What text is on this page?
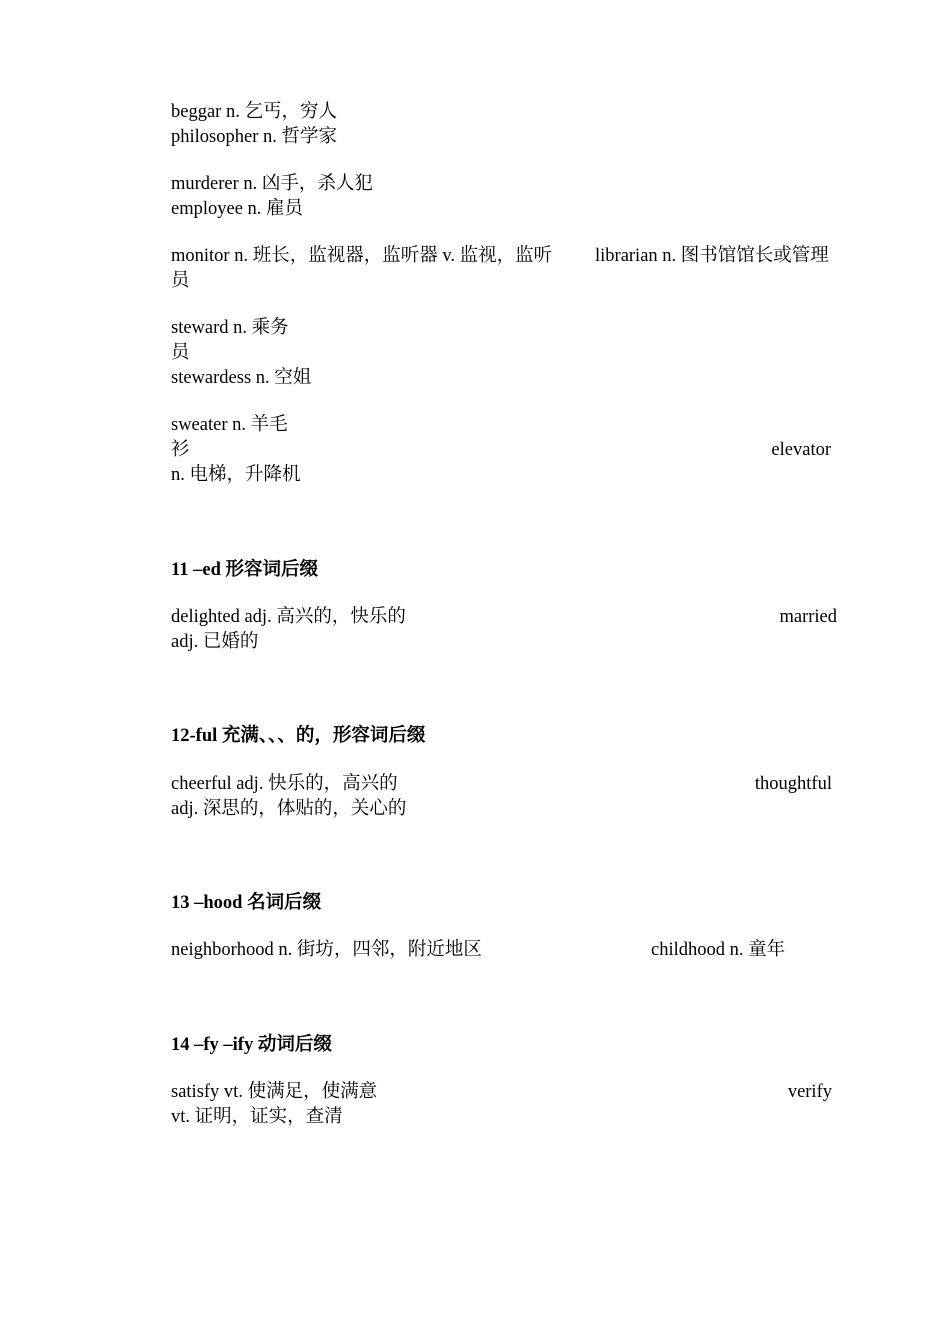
beggar n. 乞丐，穷人
philosopher n. 哲学家
murderer n. 凶手，杀人犯
employee n. 雇员
monitor n. 班长，监视器，监听器 v. 监视，监听 librarian n. 图书馆馆长或管理
员
steward n. 乘务
员
stewardess n. 空姐
sweater n. 羊毛
衫	elevator
n. 电梯，升降机
11 –ed 形容词后缀
delighted adj. 高兴的，快乐的	married
adj. 已婚的
12-ful 充满、、、的，形容词后缀
cheerful adj. 快乐的，高兴的	thoughtful
adj. 深思的，体贴的，关心的
13 –hood 名词后缀
neighborhood n. 街坊，四邻，附近地区	childhood n. 童年
14 –fy –ify 动词后缀
satisfy vt. 使满足，使满意	verify
vt. 证明，证实，查清
